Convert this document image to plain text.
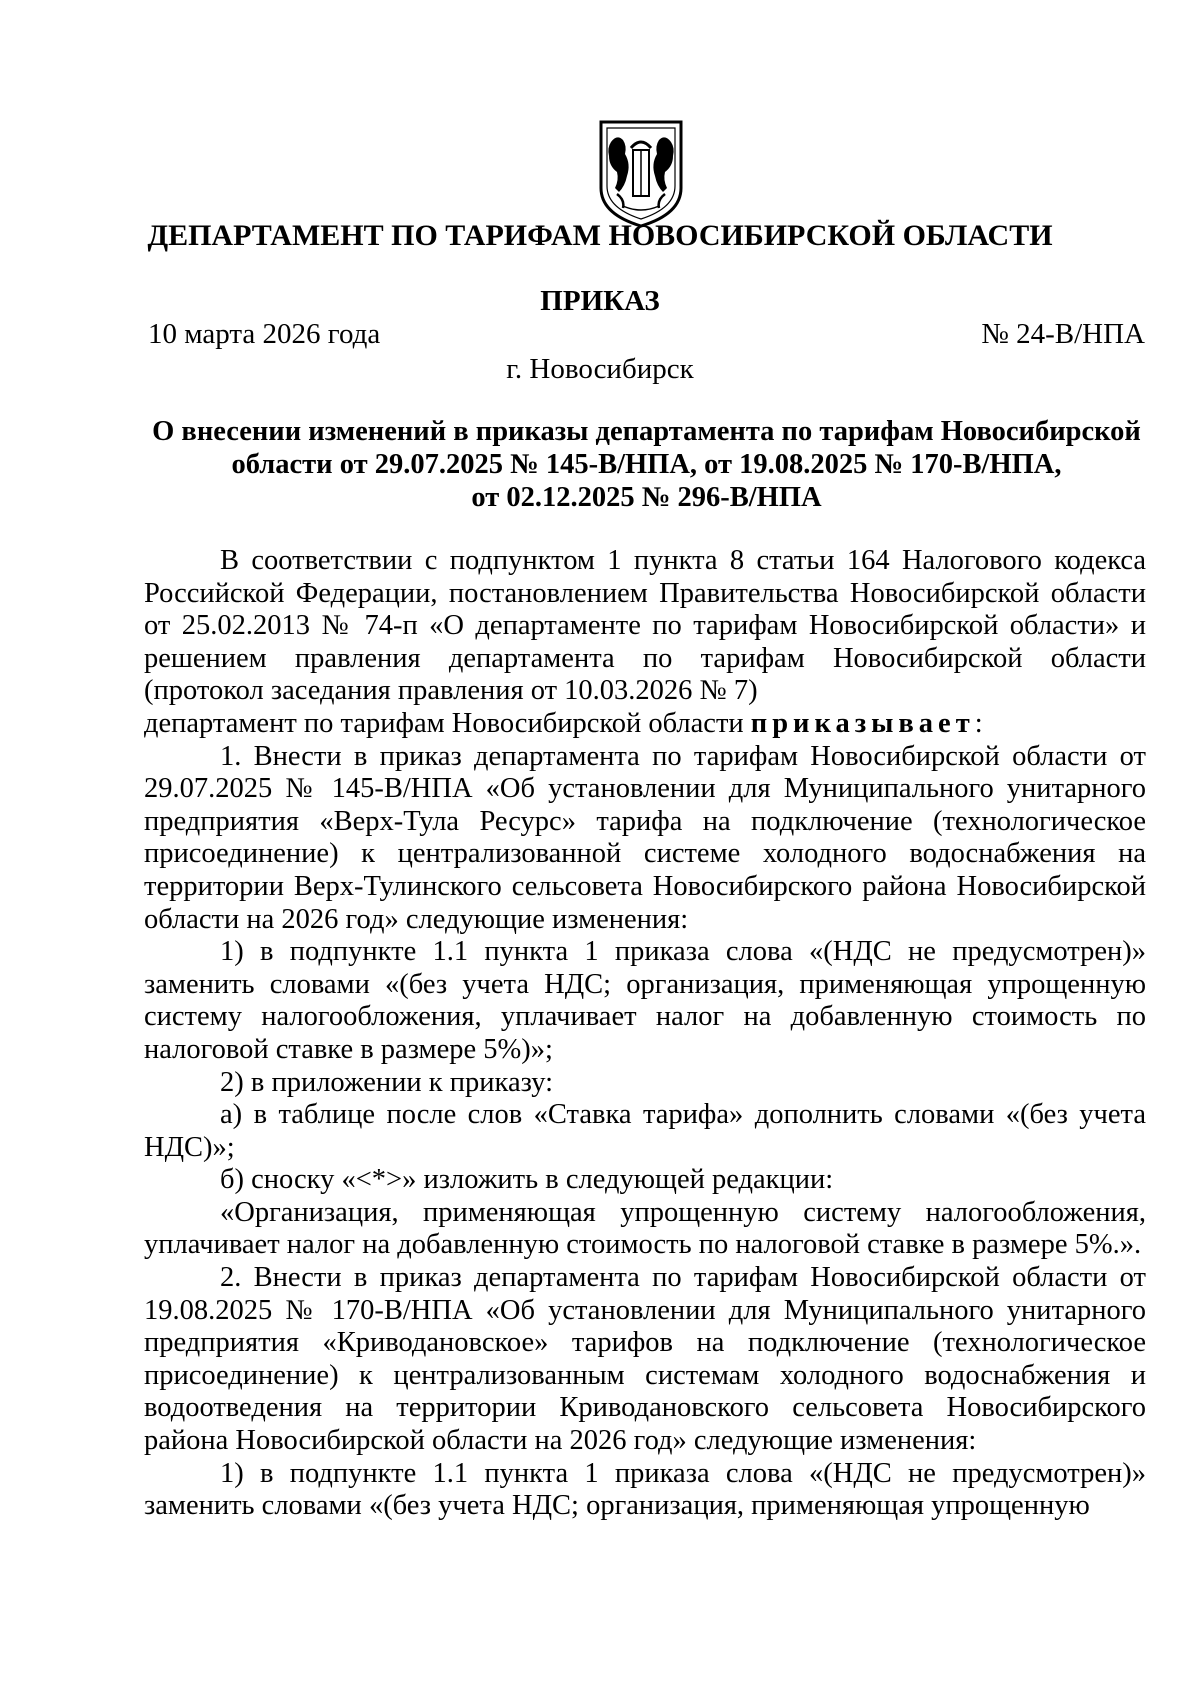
ДЕПАРТАМЕНТ ПО ТАРИФАМ НОВОСИБИРСКОЙ ОБЛАСТИ
ПРИКАЗ
10 марта 2026 года	№ 24-В/НПА
г. Новосибирск
О внесении изменений в приказы департамента по тарифам Новосибирской
области от 29.07.2025 № 145-В/НПА, от 19.08.2025 № 170-В/НПА,
от 02.12.2025 № 296-В/НПА

В соответствии с подпунктом 1 пункта 8 статьи 164 Налогового кодекса Российской Федерации, постановлением Правительства Новосибирской области от 25.02.2013 № 74-п «О департаменте по тарифам Новосибирской области» и решением правления департамента по тарифам Новосибирской области (протокол заседания правления от 10.03.2026 № 7)

департамент по тарифам Новосибирской области приказывает:

1. Внести в приказ департамента по тарифам Новосибирской области от 29.07.2025 № 145-В/НПА «Об установлении для Муниципального унитарного предприятия «Верх-Тула Ресурс» тарифа на подключение (технологическое присоединение) к централизованной системе холодного водоснабжения на территории Верх-Тулинского сельсовета Новосибирского района Новосибирской области на 2026 год» следующие изменения:

1) в подпункте 1.1 пункта 1 приказа слова «(НДС не предусмотрен)» заменить словами «(без учета НДС; организация, применяющая упрощенную систему налогообложения, уплачивает налог на добавленную стоимость по налоговой ставке в размере 5%)»;

2) в приложении к приказу:

а) в таблице после слов «Ставка тарифа» дополнить словами «(без учета НДС)»;

б) сноску «<*>» изложить в следующей редакции:

«Организация, применяющая упрощенную систему налогообложения, уплачивает налог на добавленную стоимость по налоговой ставке в размере 5%.».

2. Внести в приказ департамента по тарифам Новосибирской области от 19.08.2025 № 170-В/НПА «Об установлении для Муниципального унитарного предприятия «Криводановское» тарифов на подключение (технологическое присоединение) к централизованным системам холодного водоснабжения и водоотведения на территории Криводановского сельсовета Новосибирского района Новосибирской области на 2026 год» следующие изменения:

1) в подпункте 1.1 пункта 1 приказа слова «(НДС не предусмотрен)» заменить словами «(без учета НДС; организация, применяющая упрощенную
